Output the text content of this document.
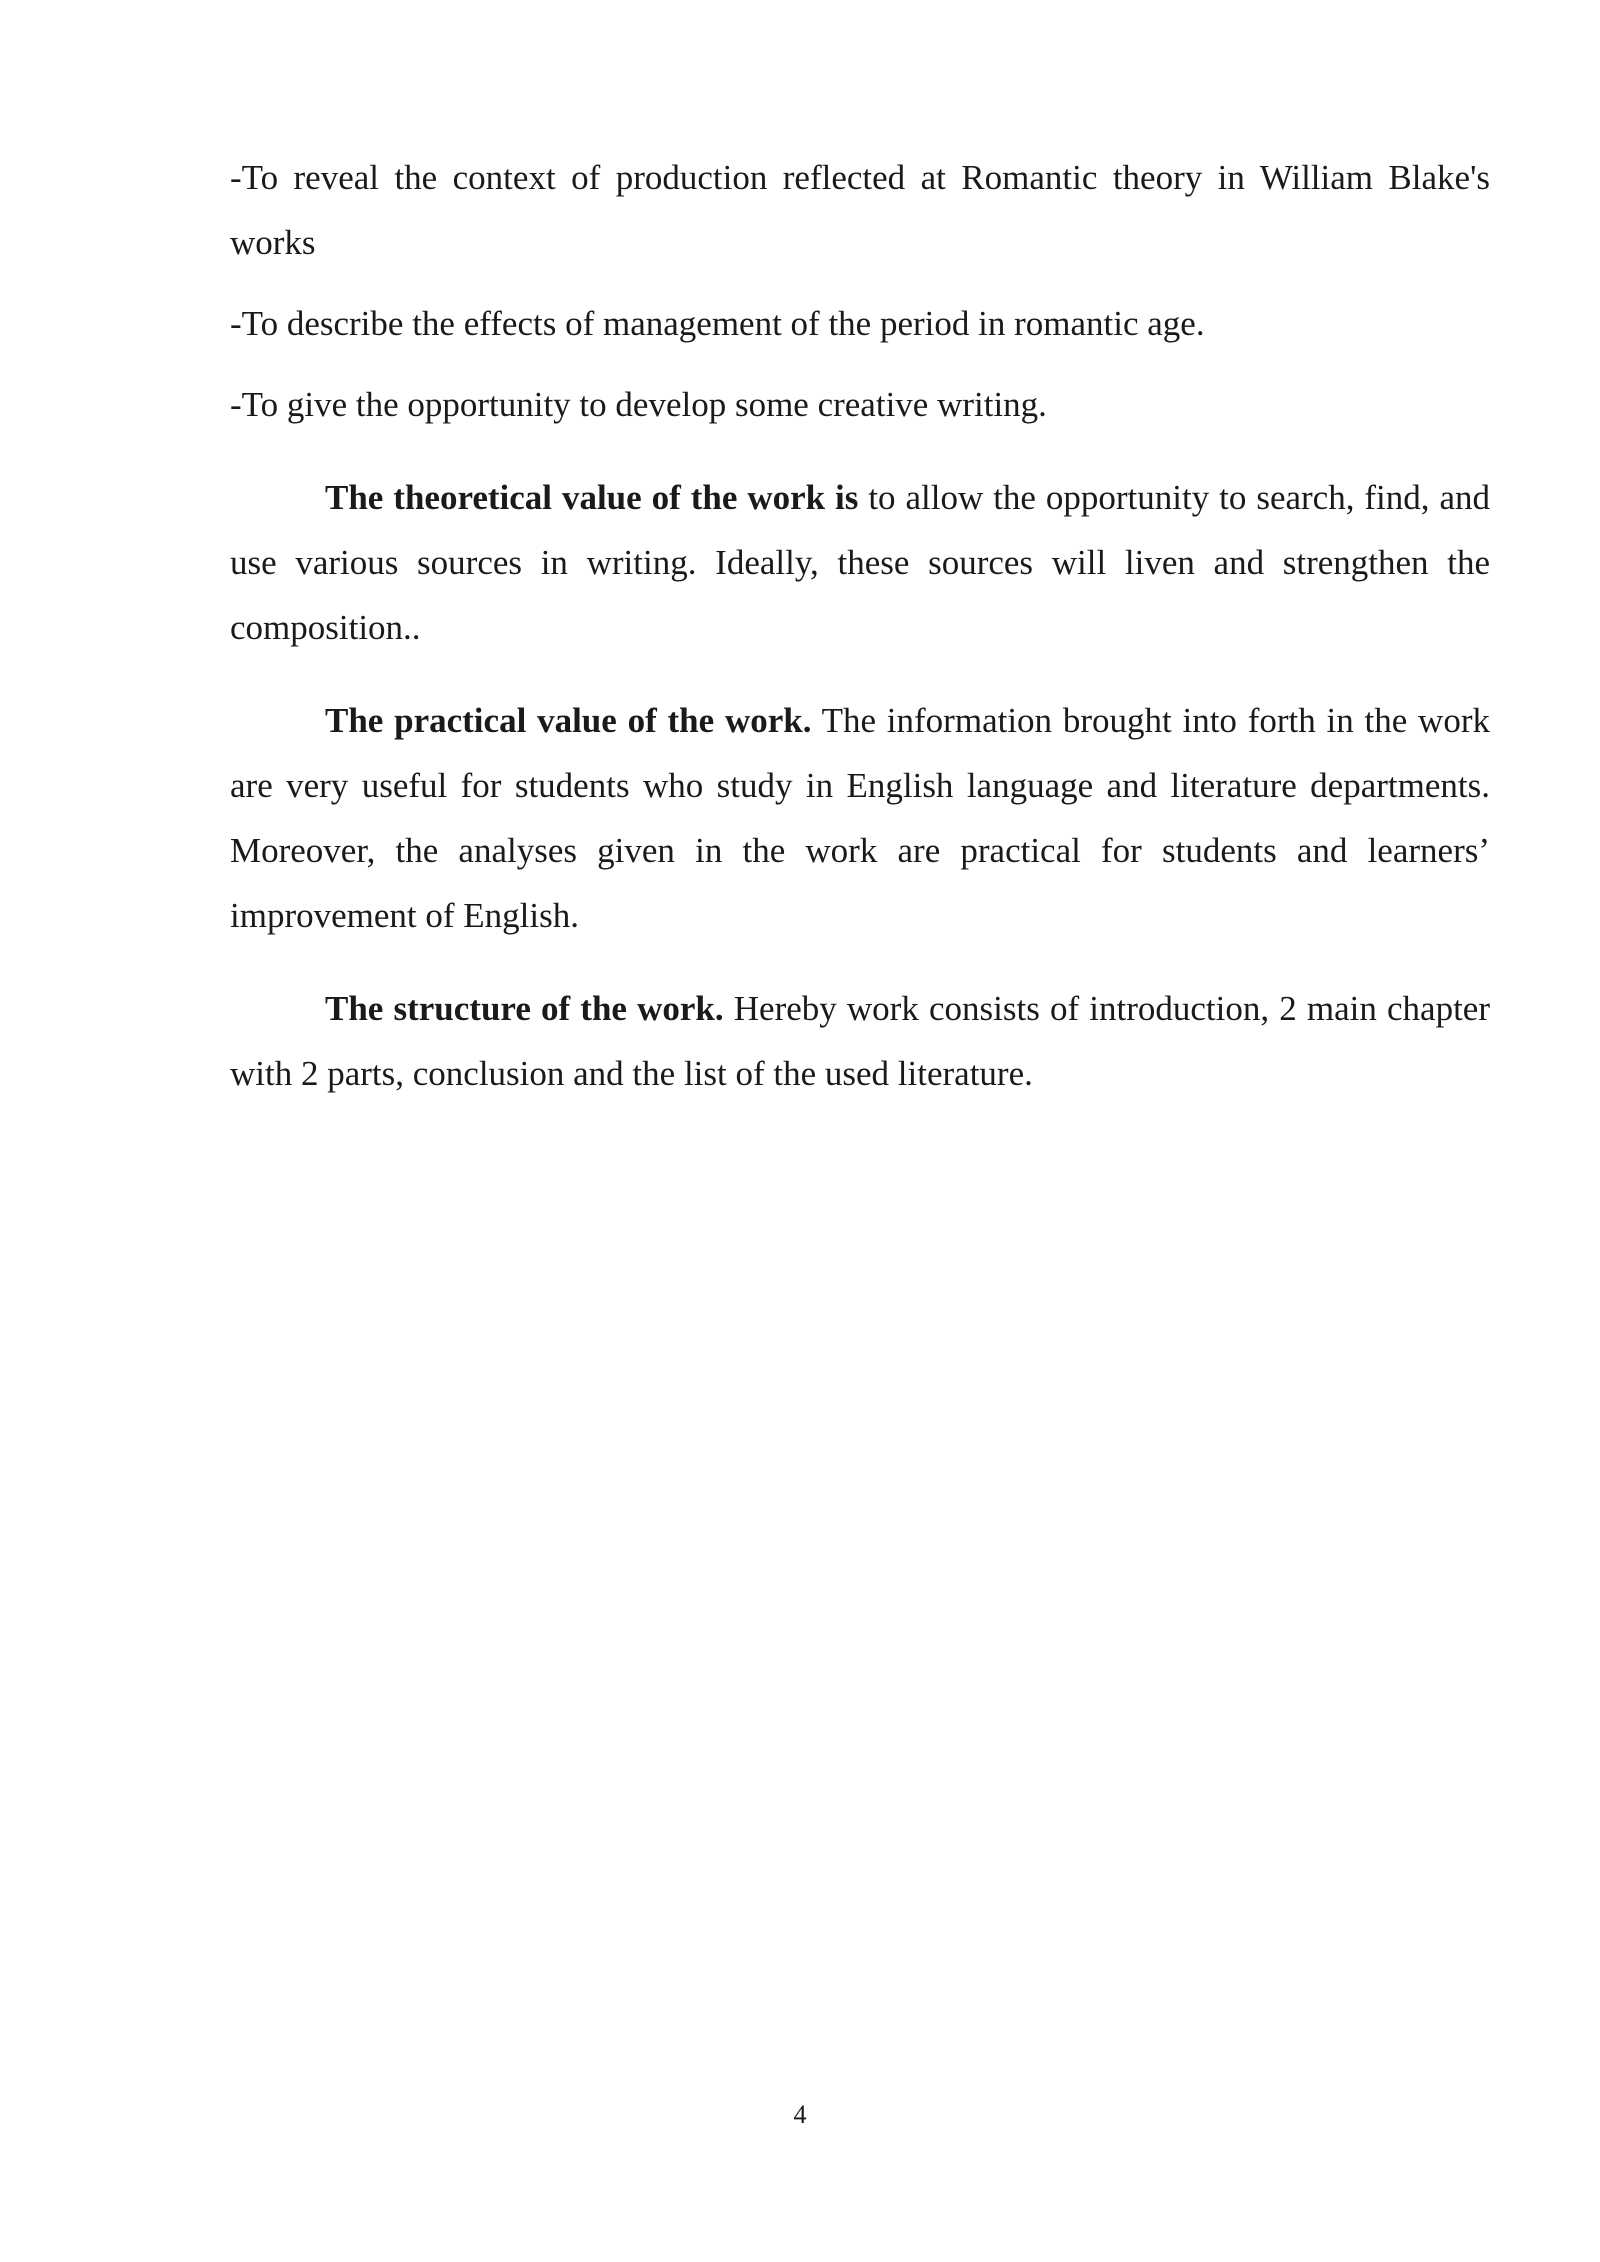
-To reveal the context of production reflected at Romantic theory in William Blake's works

-To describe the effects of management of the period in romantic age.

-To give the opportunity to develop some creative writing.

The theoretical value of the work is to allow the opportunity to search, find, and use various sources in writing. Ideally, these sources will liven and strengthen the composition..

The practical value of the work. The information brought into forth in the work are very useful for students who study in English language and literature departments. Moreover, the analyses given in the work are practical for students and learners’ improvement of English.

The structure of the work. Hereby work consists of introduction, 2 main chapter with 2 parts, conclusion and the list of the used literature.

4
